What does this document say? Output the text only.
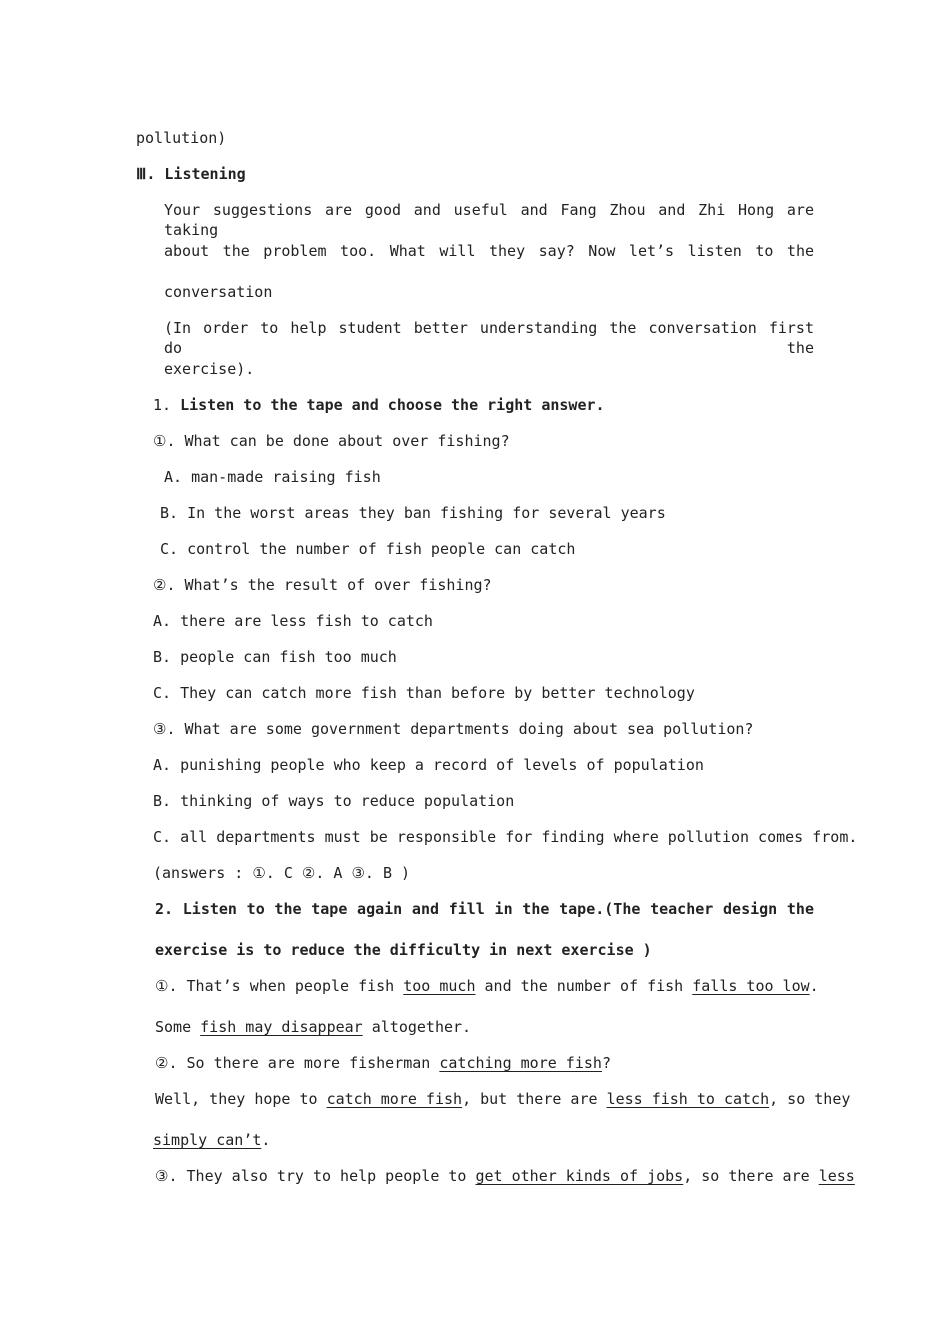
pollution)
Ⅲ. Listening
Your suggestions are good and useful and Fang Zhou and Zhi Hong are taking
about the problem too. What will they say? Now let’s listen to the
conversation
(In order to help student better understanding the conversation first do the
exercise).
1. Listen to the tape and choose the right answer.
①. What can be done about over fishing?
A. man-made raising fish
B. In the worst areas they ban fishing for several years
C. control the number of fish people can catch
②. What’s the result of over fishing?
A. there are less fish to catch
B. people can fish too much
C. They can catch more fish than before by better technology
③. What are some government departments doing about sea pollution?
A. punishing people who keep a record of levels of population
B. thinking of ways to reduce population
C. all departments must be responsible for finding where pollution comes from.
(answers : ①. C ②. A ③. B )
2. Listen to the tape again and fill in the tape.(The teacher design the
exercise is to reduce the difficulty in next exercise )
①. That’s when people fish too much and the number of fish falls too low.
Some fish may disappear altogether.
②. So there are more fisherman catching more fish?
Well, they hope to catch more fish, but there are less fish to catch, so they
simply can’t.
③. They also try to help people to get other kinds of jobs, so there are less
